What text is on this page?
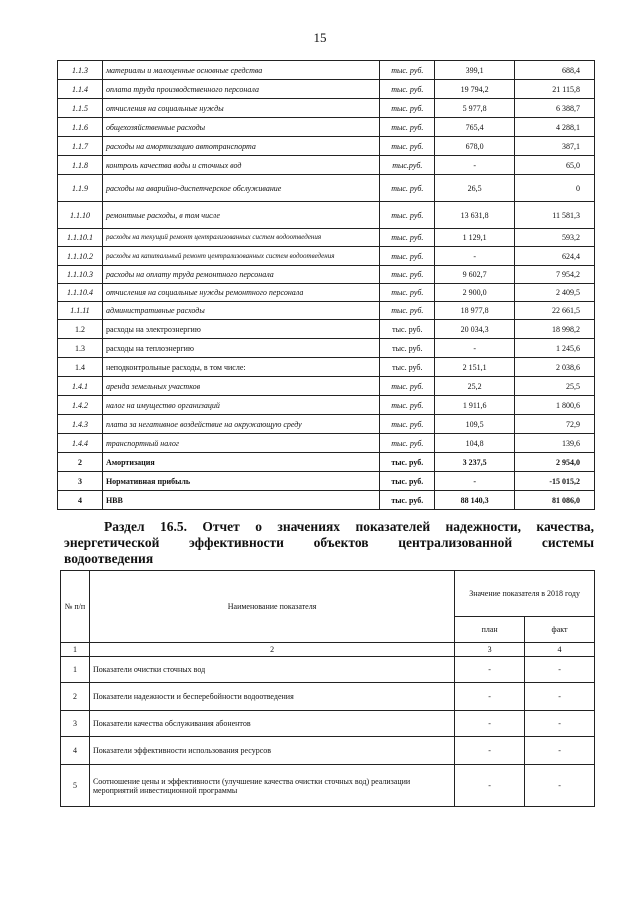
15
1.1.3	материалы и малоценные основные средства	тыс. руб.	399,1	688,4
1.1.4	оплата труда производственного персонала	тыс. руб.	19 794,2	21 115,8
1.1.5	отчисления на социальные нужды	тыс. руб.	5 977,8	6 388,7
1.1.6	общехозяйственные расходы	тыс. руб.	765,4	4 288,1
1.1.7	расходы на амортизацию автотранспорта	тыс. руб.	678,0	387,1
1.1.8	контроль качества воды и сточных вод	тыс.руб.	-	65,0
1.1.9	расходы на аварийно-диспетчерское обслуживание	тыс. руб.	26,5	0
1.1.10	ремонтные расходы, в том числе	тыс. руб.	13 631,8	11 581,3
1.1.10.1	расходы на текущий ремонт централизованных систем водоотведения	тыс. руб.	1 129,1	593,2
1.1.10.2	расходы на капитальный ремонт централизованных систем водоотведения	тыс. руб.	-	624,4
1.1.10.3	расходы на оплату труда ремонтного персонала	тыс. руб.	9 602,7	7 954,2
1.1.10.4	отчисления на социальные нужды ремонтного персонала	тыс. руб.	2 900,0	2 409,5
1.1.11	административные расходы	тыс. руб.	18 977,8	22 661,5
1.2	расходы на электроэнергию	тыс. руб.	20 034,3	18 998,2
1.3	расходы на теплоэнергию	тыс. руб.	-	1 245,6
1.4	неподконтрольные расходы, в том числе:	тыс. руб.	2 151,1	2 038,6
1.4.1	аренда земельных участков	тыс. руб.	25,2	25,5
1.4.2	налог на имущество организаций	тыс. руб.	1 911,6	1 800,6
1.4.3	плата за негативное воздействие на окружающую среду	тыс. руб.	109,5	72,9
1.4.4	транспортный налог	тыс. руб.	104,8	139,6
2	Амортизация	тыс. руб.	3 237,5	2 954,0
3	Нормативная прибыль	тыс. руб.	-	-15 015,2
4	НВВ	тыс. руб.	88 140,3	81 086,0
Раздел 16.5. Отчет о значениях показателей надежности, качества,
энергетической эффективности объектов централизованной системы
водоотведения
№ п/п	Наименование показателя	Значение показателя в 2018 году	
		план	факт
1	2	3	4
1	Показатели очистки сточных вод	-	-
2	Показатели надежности и бесперебойности водоотведения	-	-
3	Показатели качества обслуживания абонентов	-	-
4	Показатели эффективности использования ресурсов	-	-
5	Соотношение цены и эффективности (улучшение качества очистки сточных вод) реализации мероприятий инвестиционной программы	-	-
